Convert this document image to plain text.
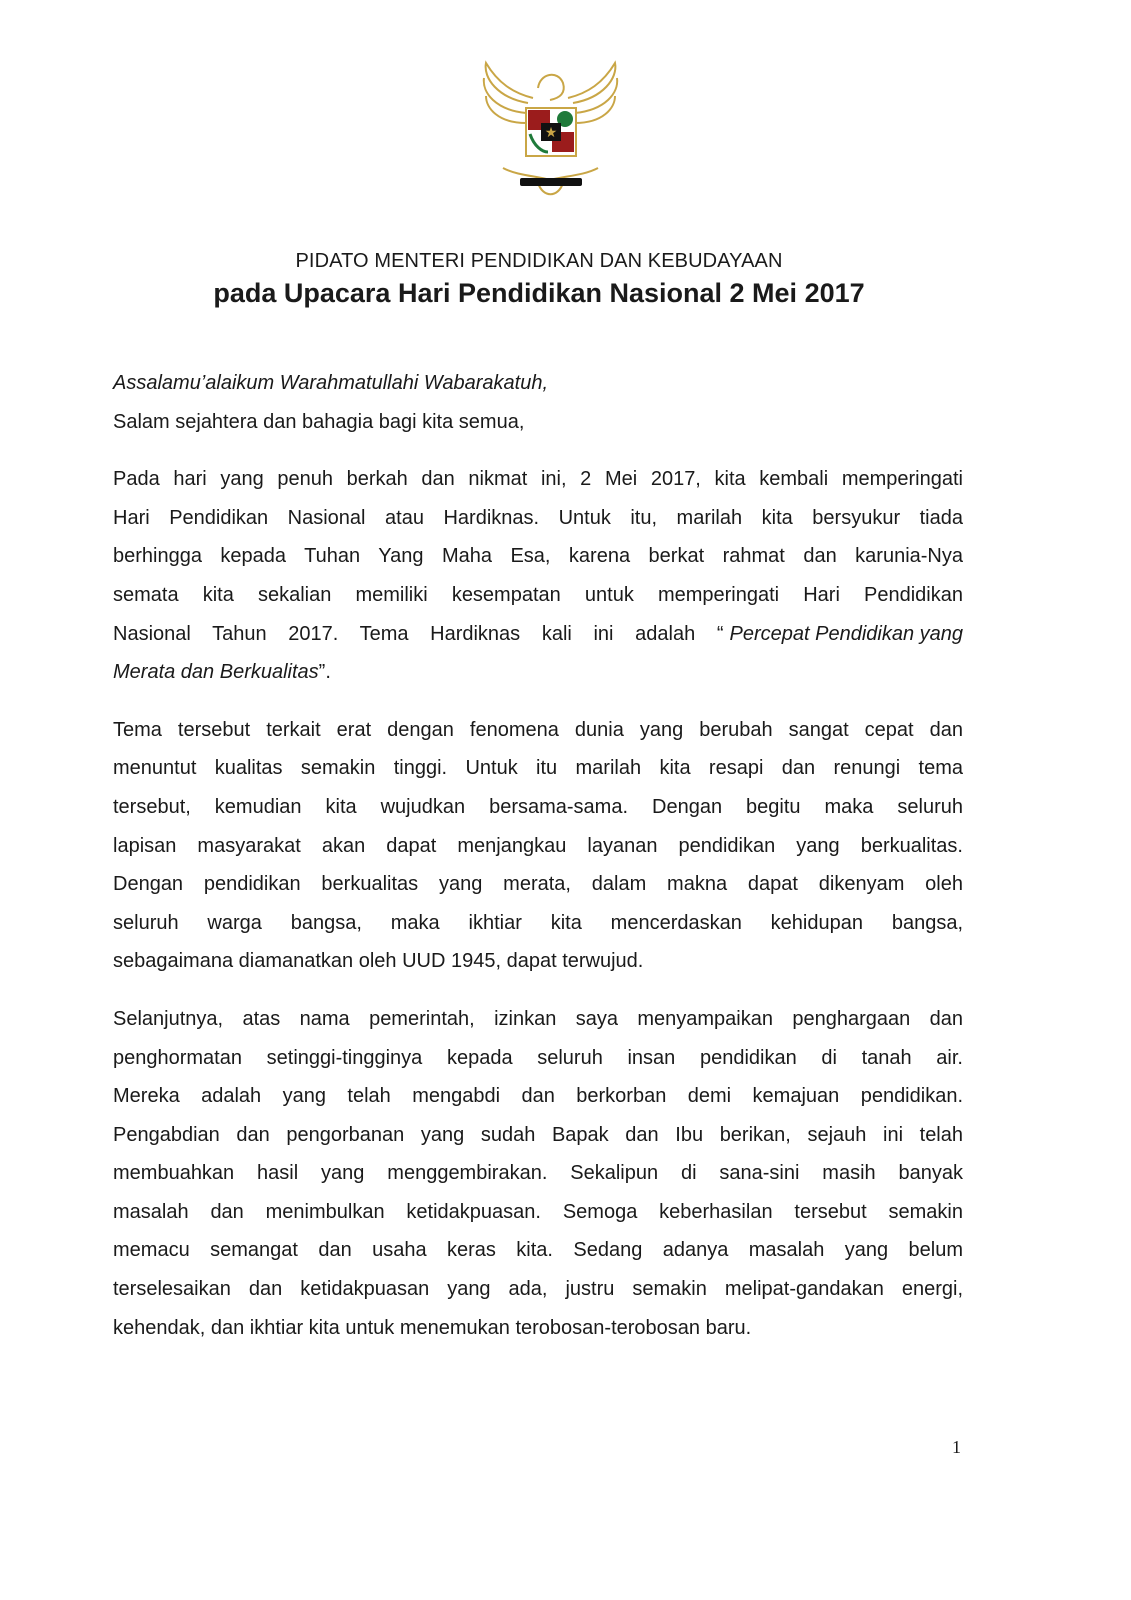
★
PIDATO MENTERI PENDIDIKAN DAN KEBUDAYAAN
pada Upacara Hari Pendidikan Nasional 2 Mei 2017
Assalamu’alaikum Warahmatullahi Wabarakatuh,
Salam sejahtera dan bahagia bagi kita semua,
Pada hari yang penuh berkah dan nikmat ini, 2 Mei 2017, kita kembali memperingati
Hari Pendidikan Nasional atau Hardiknas. Untuk itu, marilah kita bersyukur tiada
berhingga kepada Tuhan Yang Maha Esa, karena berkat rahmat dan karunia-Nya
semata kita sekalian memiliki kesempatan untuk memperingati Hari Pendidikan
Nasional Tahun 2017. Tema Hardiknas kali ini adalah “ Percepat Pendidikan yang
Merata dan Berkualitas”.
Tema tersebut terkait erat dengan fenomena dunia yang berubah sangat cepat dan
menuntut kualitas semakin tinggi. Untuk itu marilah kita resapi dan renungi tema
tersebut, kemudian kita wujudkan bersama-sama. Dengan begitu maka seluruh
lapisan masyarakat akan dapat menjangkau layanan pendidikan yang berkualitas.
Dengan pendidikan berkualitas yang merata, dalam makna dapat dikenyam oleh
seluruh warga bangsa, maka ikhtiar kita mencerdaskan kehidupan bangsa,
sebagaimana diamanatkan oleh UUD 1945, dapat terwujud.
Selanjutnya, atas nama pemerintah, izinkan saya menyampaikan penghargaan dan
penghormatan setinggi-tingginya kepada seluruh insan pendidikan di tanah air.
Mereka adalah yang telah mengabdi dan berkorban demi kemajuan pendidikan.
Pengabdian dan pengorbanan yang sudah Bapak dan Ibu berikan, sejauh ini telah
membuahkan hasil yang menggembirakan. Sekalipun di sana-sini masih banyak
masalah dan menimbulkan ketidakpuasan. Semoga keberhasilan tersebut semakin
memacu semangat dan usaha keras kita. Sedang adanya masalah yang belum
terselesaikan dan ketidakpuasan yang ada, justru semakin melipat-gandakan energi,
kehendak, dan ikhtiar kita untuk menemukan terobosan-terobosan baru.
1
